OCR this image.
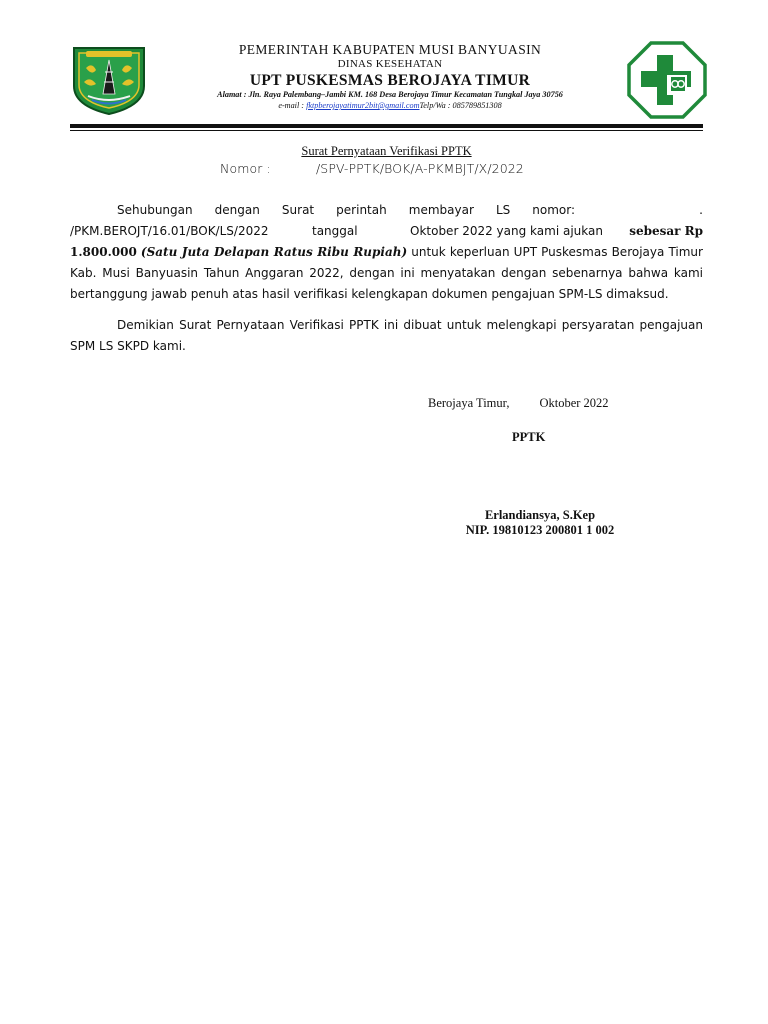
PEMERINTAH KABUPATEN MUSI BANYUASIN
DINAS KESEHATAN
UPT PUSKESMAS BEROJAYA TIMUR
Alamat : Jln. Raya Palembang–Jambi KM. 168 Desa Berojaya Timur Kecamatan Tungkal Jaya 30756
e-mail : fktpberojayatimur2bit@gmail.comTelp/Wa : 085789851308
Surat Pernyataan Verifikasi PPTK
Nomor :	/SPV-PPTK/BOK/A-PKMBJT/X/2022
Sehubungan dengan Surat perintah membayar LS nomor:	.
/PKM.BEROJT/16.01/BOK/LS/2022	tanggal	Oktober 2022 yang kami ajukan sebesar Rp
1.800.000 (Satu Juta Delapan Ratus Ribu Rupiah) untuk keperluan UPT Puskesmas Berojaya Timur
Kab. Musi Banyuasin Tahun Anggaran 2022, dengan ini menyatakan dengan sebenarnya bahwa kami
bertanggung jawab penuh atas hasil verifikasi kelengkapan dokumen pengajuan SPM-LS dimaksud.
Demikian Surat Pernyataan Verifikasi PPTK ini dibuat untuk melengkapi persyaratan pengajuan
SPM LS SKPD kami.
Berojaya Timur, Oktober 2022
PPTK
Erlandiansya, S.Kep
NIP. 19810123 200801 1 002
